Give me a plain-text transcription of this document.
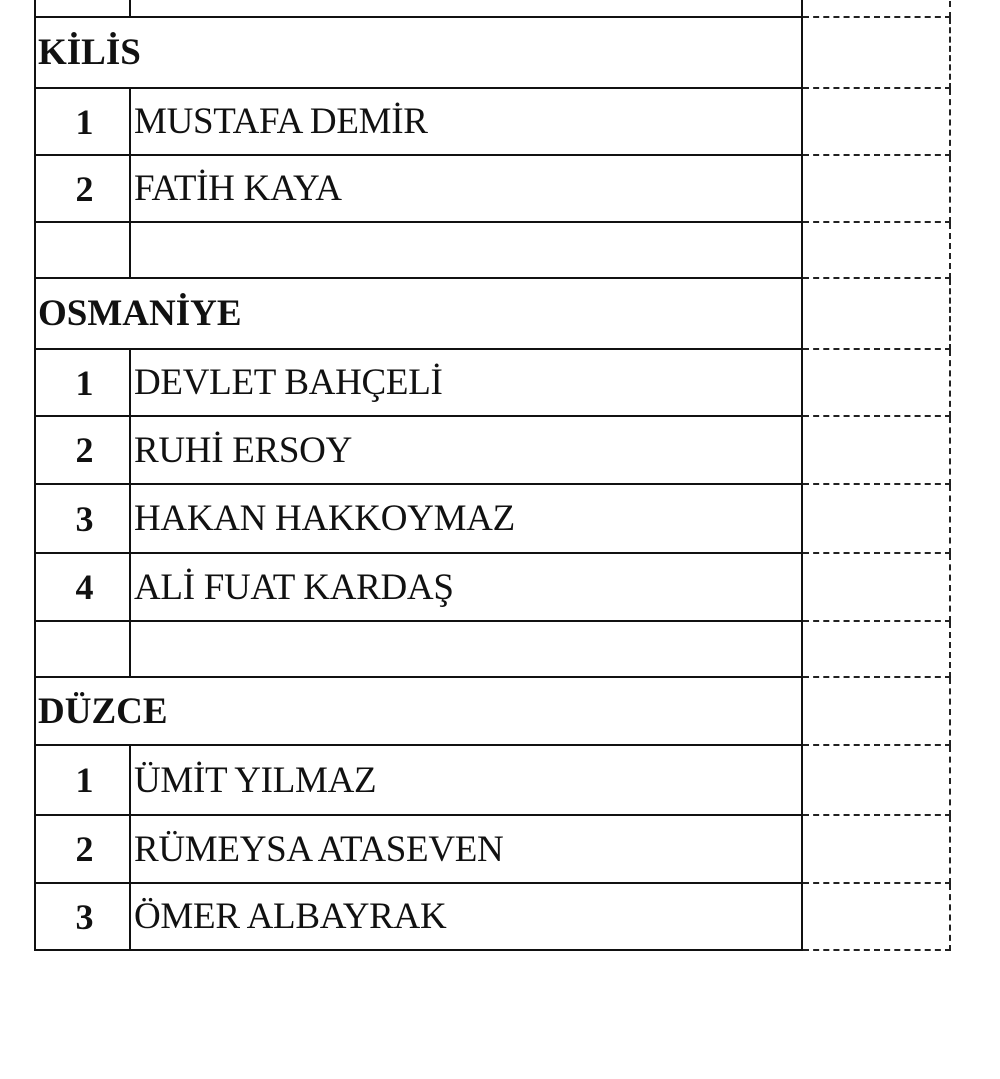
KİLİS
1	MUSTAFA DEMİR
2	FATİH KAYA
OSMANİYE
1	DEVLET BAHÇELİ
2	RUHİ ERSOY
3	HAKAN HAKKOYMAZ
4	ALİ FUAT KARDAŞ
DÜZCE
1	ÜMİT YILMAZ
2	RÜMEYSA ATASEVEN
3	ÖMER ALBAYRAK
